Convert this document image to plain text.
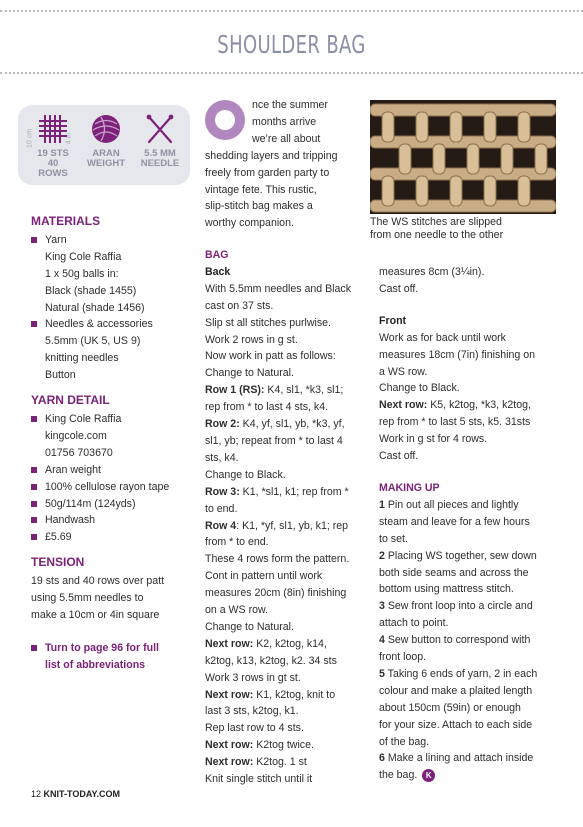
SHOULDER BAG
10 cm	4 in
19 STS
40 ROWS
ARAN
WEIGHT
5.5 MM
NEEDLE
MATERIALS
Yarn
King Cole Raffia
1 x 50g balls in:
Black (shade 1455)
Natural (shade 1456)
Needles & accessories
5.5mm (UK 5, US 9)
knitting needles
Button
YARN DETAIL
King Cole Raffia
kingcole.com
01756 703670
Aran weight
100% cellulose rayon tape
50g/114m (124yds)
Handwash
£5.69
TENSION
19 sts and 40 rows over patt
using 5.5mm needles to
make a 10cm or 4in square
Turn to page 96 for full
list of abbreviations
nce the summer
months arrive
we’re all about
shedding layers and tripping
freely from garden party to
vintage fete. This rustic,
slip-stitch bag makes a
worthy companion.	The WS stitches are slipped
from one needle to the other
BAG
Back
With 5.5mm needles and Black
cast on 37 sts.
Slip st all stitches purlwise.
Work 2 rows in g st.
Now work in patt as follows:
Change to Natural.
Row 1 (RS): K4, sl1, *k3, sl1;
rep from * to last 4 sts, k4.
Row 2: K4, yf, sl1, yb, *k3, yf,
sl1, yb; repeat from * to last 4
sts, k4.
Change to Black.
Row 3: K1, *sl1, k1; rep from *
to end.
Row 4: K1, *yf, sl1, yb, k1; rep
from * to end.
These 4 rows form the pattern.
Cont in pattern until work
measures 20cm (8in) finishing
on a WS row.
Change to Natural.
Next row: K2, k2tog, k14,
k2tog, k13, k2tog, k2. 34 sts
Work 3 rows in gt st.
Next row: K1, k2tog, knit to
last 3 sts, k2tog, k1.
Rep last row to 4 sts.
Next row: K2tog twice.
Next row: K2tog. 1 st
Knit single stitch until it
measures 8cm (3¼in).
Cast off.
Front
Work as for back until work
measures 18cm (7in) finishing on
a WS row.
Change to Black.
Next row: K5, k2tog, *k3, k2tog,
rep from * to last 5 sts, k5. 31sts
Work in g st for 4 rows.
Cast off.
MAKING UP
1 Pin out all pieces and lightly
steam and leave for a few hours
to set.
2 Placing WS together, sew down
both side seams and across the
bottom using mattress stitch.
3 Sew front loop into a circle and
attach to point.
4 Sew button to correspond with
front loop.
5 Taking 6 ends of yarn, 2 in each
colour and make a plaited length
about 150cm (59in) or enough
for your size. Attach to each side
of the bag.
6 Make a lining and attach inside
the bag. K
12 KNIT-TODAY.COM
